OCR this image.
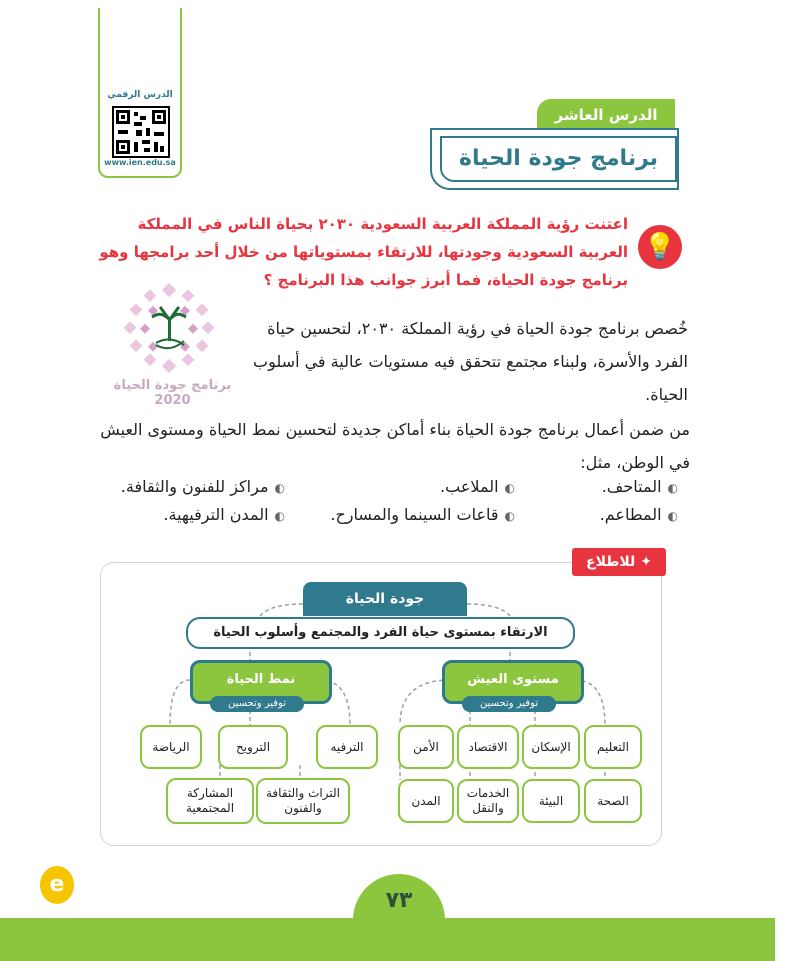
الدرس الرقمي
www.ien.edu.sa
الدرس العاشر
برنامج جودة الحياة
💡
اعتنت رؤية المملكة العربية السعودية ٢٠٣٠ بحياة الناس في المملكة العربية السعودية وجودتها، للارتقاء بمستوياتها من خلال أحد برامجها وهو برنامج جودة الحياة، فما أبرز جوانب هذا البرنامج ؟
خُصص برنامج جودة الحياة في رؤية المملكة ٢٠٣٠، لتحسين حياة الفرد والأسرة، ولبناء مجتمع تتحقق فيه مستويات عالية في أسلوب الحياة.
برنامج جودة الحياة 2020
من ضمن أعمال برنامج جودة الحياة بناء أماكن جديدة لتحسين نمط الحياة ومستوى العيش في الوطن، مثل:
◐ المتاحف.
◐ الملاعب.
◐ مراكز للفنون والثقافة.
◐ المطاعم.
◐ قاعات السينما والمسارح.
◐ المدن الترفيهية.
✦ للاطلاع
جودة الحياة
الارتقاء بمستوى حياة الفرد والمجتمع وأسلوب الحياة
مستوى العيش
توفير وتحسين
نمط الحياة
توفير وتحسين
التعليم
الإسكان
الاقتصاد
الأمن
الصحة
البيئة
الخدمات والنقل
المدن
الترفيه
الترويح
الرياضة
التراث والثقافة والفنون
المشاركة المجتمعية
٧٣
e
